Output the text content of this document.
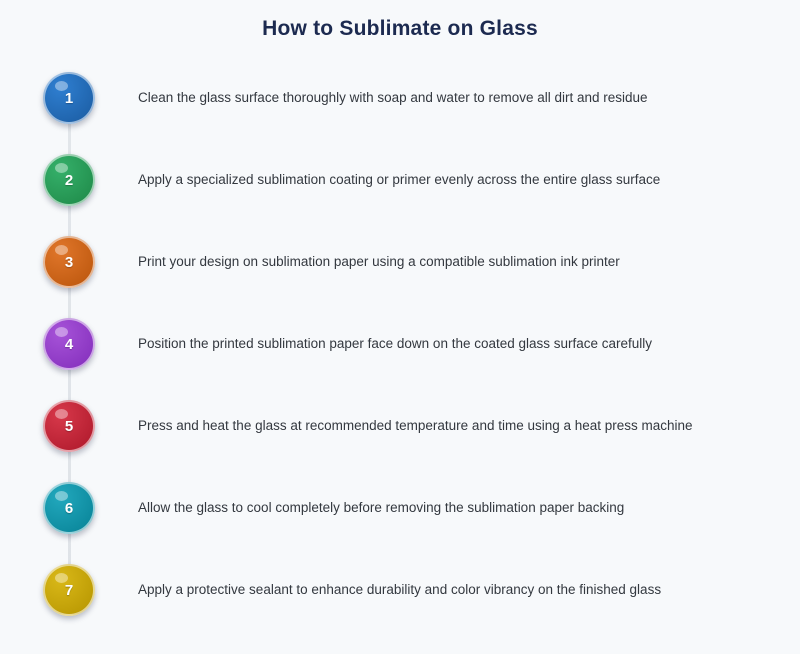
How to Sublimate on Glass
1	Clean the glass surface thoroughly with soap and water to remove all dirt and residue
2	Apply a specialized sublimation coating or primer evenly across the entire glass surface
3	Print your design on sublimation paper using a compatible sublimation ink printer
4	Position the printed sublimation paper face down on the coated glass surface carefully
5	Press and heat the glass at recommended temperature and time using a heat press machine
6	Allow the glass to cool completely before removing the sublimation paper backing
7	Apply a protective sealant to enhance durability and color vibrancy on the finished glass
